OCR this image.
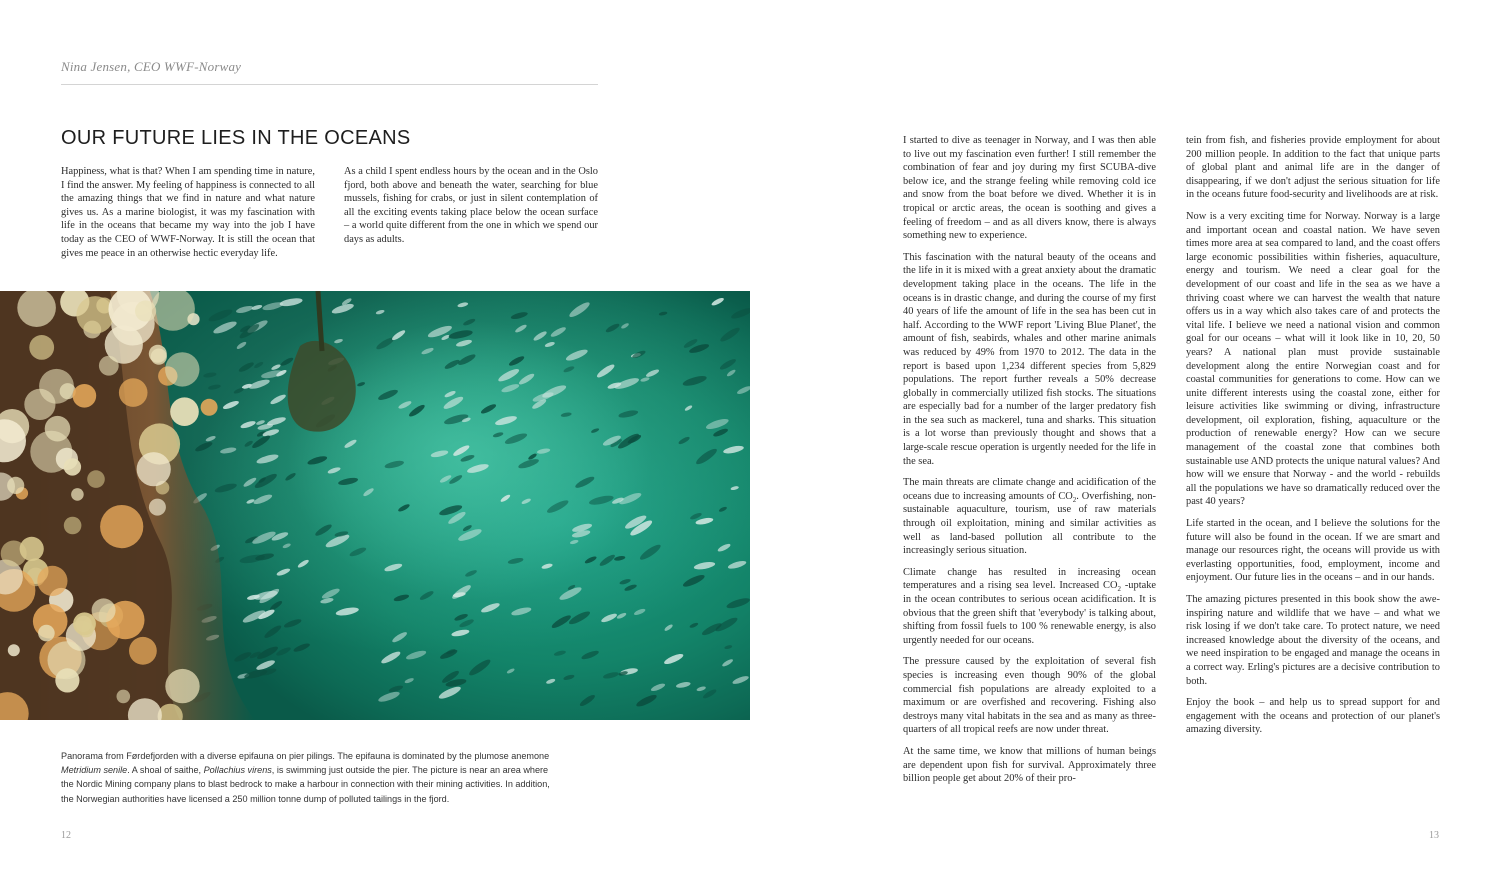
Nina Jensen, CEO WWF-Norway
OUR FUTURE LIES IN THE OCEANS

Happiness, what is that? When I am spending time in nature, I find the answer. My feeling of happiness is connected to all the amazing things that we find in nature and what nature gives us. As a marine biologist, it was my fascination with life in the oceans that became my way into the job I have today as the CEO of WWF-Norway. It is still the ocean that gives me peace in an otherwise hectic everyday life.

As a child I spent endless hours by the ocean and in the Oslo fjord, both above and beneath the water, searching for blue mussels, fishing for crabs, or just in silent contemplation of all the exciting events taking place below the ocean surface – a world quite different from the one in which we spend our days as adults.

Panorama from Førdefjorden with a diverse epifauna on pier pilings. The epifauna is dominated by the plumose anemone Metridium senile. A shoal of saithe, Pollachius virens, is swimming just outside the pier. The picture is near an area where the Nordic Mining company plans to blast bedrock to make a harbour in connection with their mining activities. In addition, the Norwegian authorities have licensed a 250 million tonne dump of polluted tailings in the fjord.

I started to dive as teenager in Norway, and I was then able to live out my fascination even further! I still remember the combination of fear and joy during my first SCUBA-dive below ice, and the strange feeling while removing cold ice and snow from the boat before we dived. Whether it is in tropical or arctic areas, the ocean is soothing and gives a feeling of freedom – and as all divers know, there is always something new to experience.

This fascination with the natural beauty of the oceans and the life in it is mixed with a great anxiety about the dramatic development taking place in the oceans. The life in the oceans is in drastic change, and during the course of my first 40 years of life the amount of life in the sea has been cut in half. According to the WWF report 'Living Blue Planet', the amount of fish, seabirds, whales and other marine animals was reduced by 49% from 1970 to 2012. The data in the report is based upon 1,234 different species from 5,829 populations. The report further reveals a 50% decrease globally in commercially utilized fish stocks. The situations are especially bad for a number of the larger predatory fish in the sea such as mackerel, tuna and sharks. This situation is a lot worse than previously thought and shows that a large-scale rescue operation is urgently needed for the life in the sea.

The main threats are climate change and acidification of the oceans due to increasing amounts of $CO_2$. Overfishing, non-sustainable aquaculture, tourism, use of raw materials through oil exploitation, mining and similar activities as well as land-based pollution all contribute to the increasingly serious situation.

Climate change has resulted in increasing ocean temperatures and a rising sea level. Increased $CO_2$ -uptake in the ocean contributes to serious ocean acidification. It is obvious that the green shift that 'everybody' is talking about, shifting from fossil fuels to 100 % renewable energy, is also urgently needed for our oceans.

The pressure caused by the exploitation of several fish species is increasing even though 90% of the global commercial fish populations are already exploited to a maximum or are overfished and recovering. Fishing also destroys many vital habitats in the sea and as many as three-quarters of all tropical reefs are now under threat.

At the same time, we know that millions of human beings are dependent upon fish for survival. Approximately three billion people get about 20% of their pro-

tein from fish, and fisheries provide employment for about 200 million people. In addition to the fact that unique parts of global plant and animal life are in the danger of disappearing, if we don't adjust the serious situation for life in the oceans future food-security and livelihoods are at risk.

Now is a very exciting time for Norway. Norway is a large and important ocean and coastal nation. We have seven times more area at sea compared to land, and the coast offers large economic possibilities within fisheries, aquaculture, energy and tourism. We need a clear goal for the development of our coast and life in the sea as we have a thriving coast where we can harvest the wealth that nature offers us in a way which also takes care of and protects the vital life. I believe we need a national vision and common goal for our oceans – what will it look like in 10, 20, 50 years? A national plan must provide sustainable development along the entire Norwegian coast and for coastal communities for generations to come. How can we unite different interests using the coastal zone, either for leisure activities like swimming or diving, infrastructure development, oil exploration, fishing, aquaculture or the production of renewable energy? How can we secure management of the coastal zone that combines both sustainable use AND protects the unique natural values? And how will we ensure that Norway - and the world - rebuilds all the populations we have so dramatically reduced over the past 40 years?

Life started in the ocean, and I believe the solutions for the future will also be found in the ocean. If we are smart and manage our resources right, the oceans will provide us with everlasting opportunities, food, employment, income and enjoyment. Our future lies in the oceans – and in our hands.

The amazing pictures presented in this book show the awe-inspiring nature and wildlife that we have – and what we risk losing if we don't take care. To protect nature, we need increased knowledge about the diversity of the oceans, and we need inspiration to be engaged and manage the oceans in a correct way. Erling's pictures are a decisive contribution to both.

Enjoy the book – and help us to spread support for and engagement with the oceans and protection of our planet's amazing diversity.

12	13
